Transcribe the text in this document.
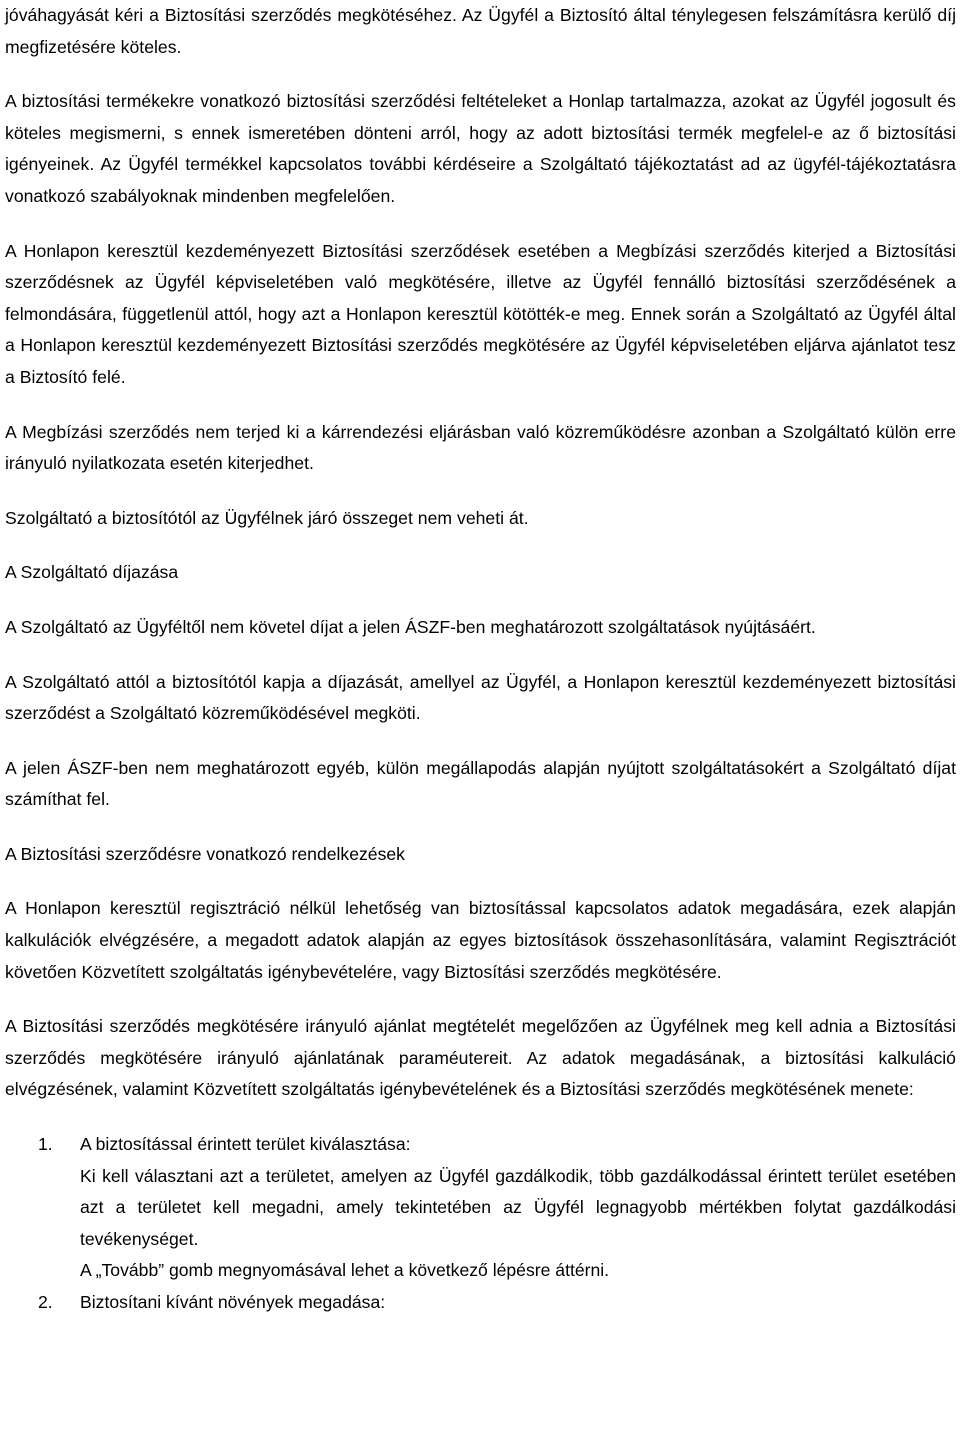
jóváhagyását kéri a Biztosítási szerződés megkötéséhez. Az Ügyfél a Biztosító által ténylegesen felszámításra kerülő díj megfizetésére köteles.

A biztosítási termékekre vonatkozó biztosítási szerződési feltételeket a Honlap tartalmazza, azokat az Ügyfél jogosult és köteles megismerni, s ennek ismeretében dönteni arról, hogy az adott biztosítási termék megfelel-e az ő biztosítási igényeinek. Az Ügyfél termékkel kapcsolatos további kérdéseire a Szolgáltató tájékoztatást ad az ügyfél-tájékoztatásra vonatkozó szabályoknak mindenben megfelelően.

A Honlapon keresztül kezdeményezett Biztosítási szerződések esetében a Megbízási szerződés kiterjed a Biztosítási szerződésnek az Ügyfél képviseletében való megkötésére, illetve az Ügyfél fennálló biztosítási szerződésének a felmondására, függetlenül attól, hogy azt a Honlapon keresztül kötötték-e meg. Ennek során a Szolgáltató az Ügyfél által a Honlapon keresztül kezdeményezett Biztosítási szerződés megkötésére az Ügyfél képviseletében eljárva ajánlatot tesz a Biztosító felé.

A Megbízási szerződés nem terjed ki a kárrendezési eljárásban való közreműködésre azonban a Szolgáltató külön erre irányuló nyilatkozata esetén kiterjedhet.

Szolgáltató a biztosítótól az Ügyfélnek járó összeget nem veheti át.

A Szolgáltató díjazása

A Szolgáltató az Ügyféltől nem követel díjat a jelen ÁSZF-ben meghatározott szolgáltatások nyújtásáért.

A Szolgáltató attól a biztosítótól kapja a díjazását, amellyel az Ügyfél, a Honlapon keresztül kezdeményezett biztosítási szerződést a Szolgáltató közreműködésével megköti.

A jelen ÁSZF-ben nem meghatározott egyéb, külön megállapodás alapján nyújtott szolgáltatásokért a Szolgáltató díjat számíthat fel.

A Biztosítási szerződésre vonatkozó rendelkezések

A Honlapon keresztül regisztráció nélkül lehetőség van biztosítással kapcsolatos adatok megadására, ezek alapján kalkulációk elvégzésére, a megadott adatok alapján az egyes biztosítások összehasonlítására, valamint Regisztrációt követően Közvetített szolgáltatás igénybevételére, vagy Biztosítási szerződés megkötésére.

A Biztosítási szerződés megkötésére irányuló ajánlat megtételét megelőzően az Ügyfélnek meg kell adnia a Biztosítási szerződés megkötésére irányuló ajánlatának paraméutereit. Az adatok megadásának, a biztosítási kalkuláció elvégzésének, valamint Közvetített szolgáltatás igénybevételének és a Biztosítási szerződés megkötésének menete:

1. A biztosítással érintett terület kiválasztása:
Ki kell választani azt a területet, amelyen az Ügyfél gazdálkodik, több gazdálkodással érintett terület esetében azt a területet kell megadni, amely tekintetében az Ügyfél legnagyobb mértékben folytat gazdálkodási tevékenységet.
A „Tovább” gomb megnyomásával lehet a következő lépésre áttérni.
2. Biztosítani kívánt növények megadása:
